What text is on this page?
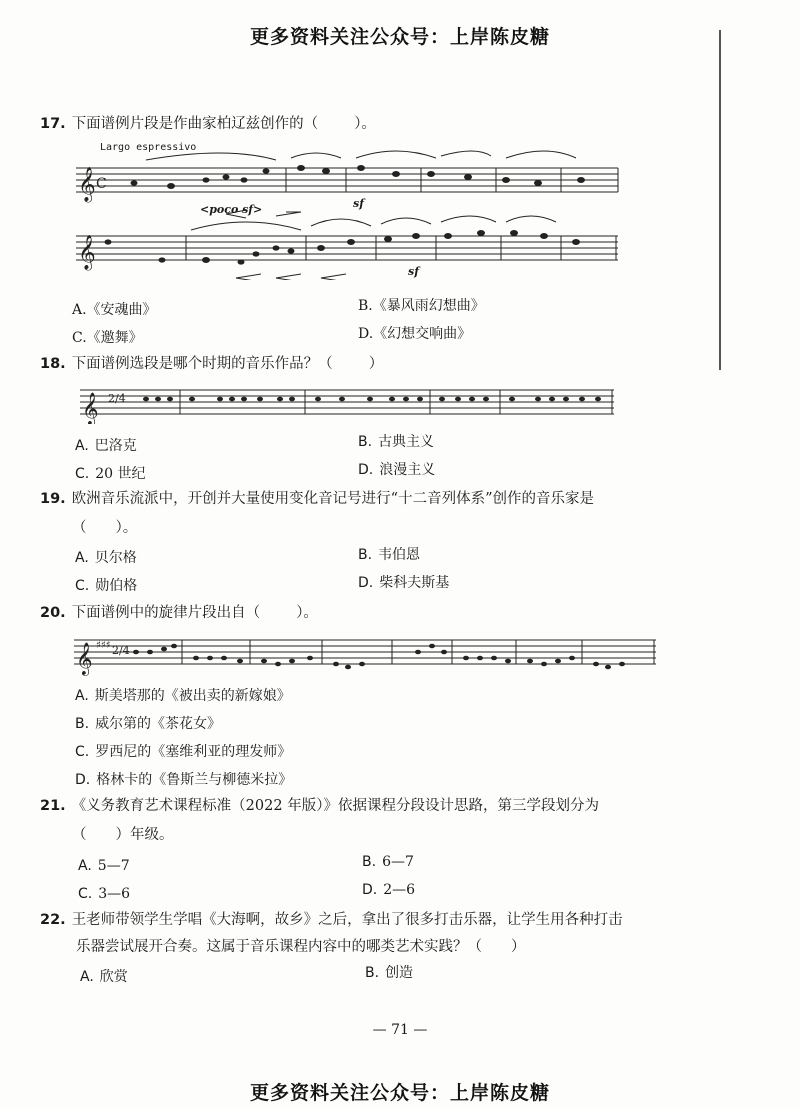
更多资料关注公众号：上岸陈皮糖
17. 下面谱例片段是作曲家柏辽兹创作的（ ）。
Largo espressivo
𝄞 C
𝄞
<poco sf>	sf
sf
A.《安魂曲》	B.《暴风雨幻想曲》
C.《邀舞》	D.《幻想交响曲》
18. 下面谱例选段是哪个时期的音乐作品？（ ）
𝄞 2/4
A. 巴洛克	B. 古典主义
C. 20 世纪	D. 浪漫主义
19. 欧洲音乐流派中，开创并大量使用变化音记号进行“十二音列体系”创作的音乐家是
（　　）。
A. 贝尔格	B. 韦伯恩
C. 勋伯格	D. 柴科夫斯基
20. 下面谱例中的旋律片段出自（ ）。
𝄞 ♯♯♯ 2/4
A. 斯美塔那的《被出卖的新嫁娘》
B. 威尔第的《茶花女》
C. 罗西尼的《塞维利亚的理发师》
D. 格林卡的《鲁斯兰与柳德米拉》
21. 《义务教育艺术课程标准（2022 年版）》依据课程分段设计思路，第三学段划分为
（　　）年级。
A. 5—7	B. 6—7
C. 3—6	D. 2—6
22. 王老师带领学生学唱《大海啊，故乡》之后，拿出了很多打击乐器，让学生用各种打击
乐器尝试展开合奏。这属于音乐课程内容中的哪类艺术实践？（　　）
A. 欣赏	B. 创造
— 71 —
更多资料关注公众号：上岸陈皮糖
